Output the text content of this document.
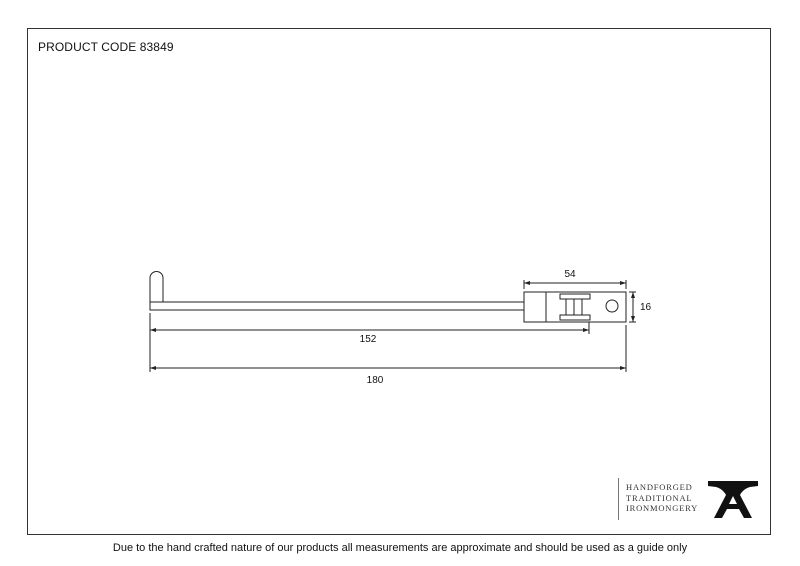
PRODUCT CODE 83849
54
16
152
180
HANDFORGED
TRADITIONAL
IRONMONGERY
Due to the hand crafted nature of our products all measurements are approximate and should be used as a guide only
